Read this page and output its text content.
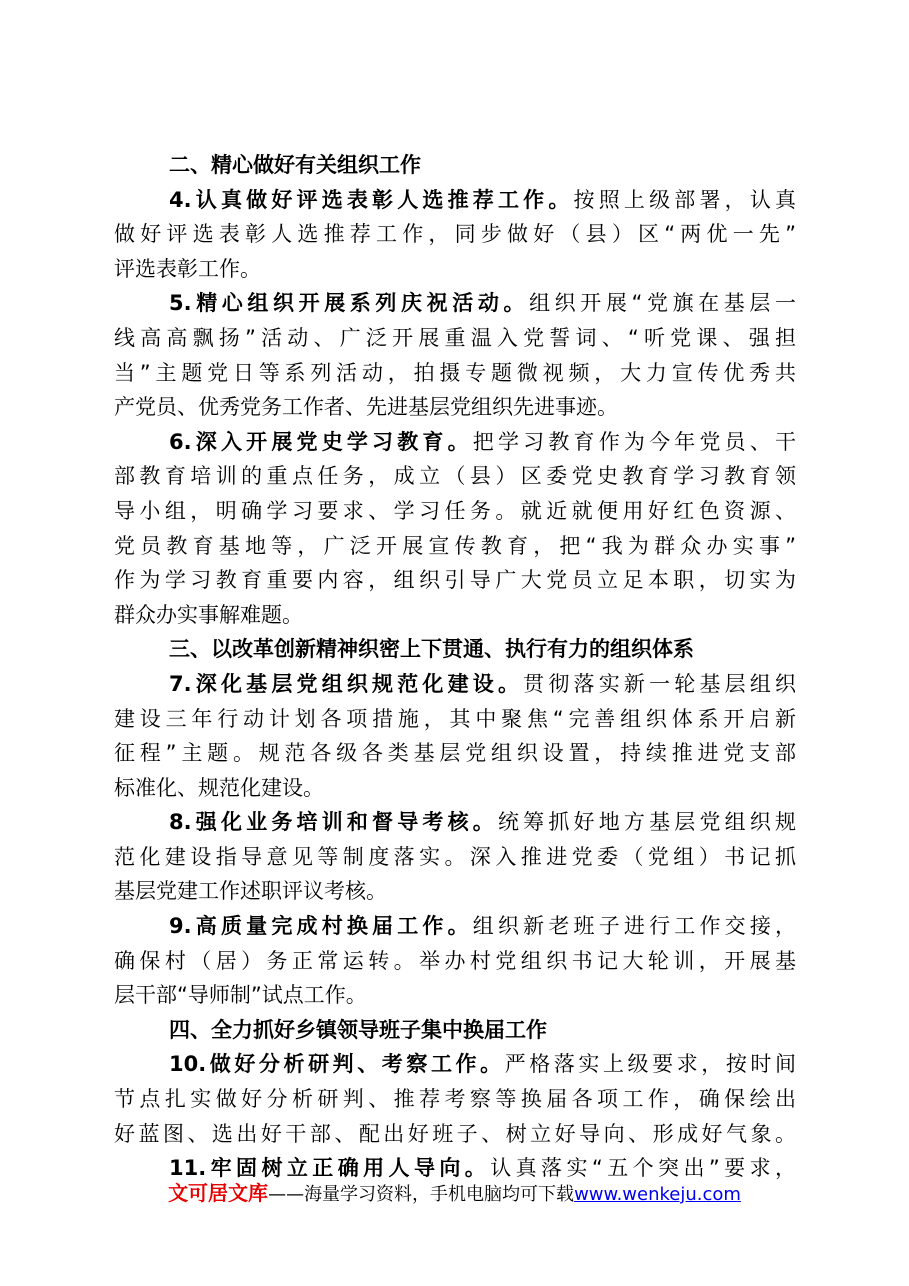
二、精心做好有关组织工作
4.认真做好评选表彰人选推荐工作。按照上级部署，认真
做好评选表彰人选推荐工作，同步做好（县）区“两优一先”
评选表彰工作。
5.精心组织开展系列庆祝活动。组织开展“党旗在基层一
线高高飘扬”活动、广泛开展重温入党誓词、“听党课、强担
当”主题党日等系列活动，拍摄专题微视频，大力宣传优秀共
产党员、优秀党务工作者、先进基层党组织先进事迹。
6.深入开展党史学习教育。把学习教育作为今年党员、干
部教育培训的重点任务，成立（县）区委党史教育学习教育领
导小组，明确学习要求、学习任务。就近就便用好红色资源、
党员教育基地等，广泛开展宣传教育，把“我为群众办实事”
作为学习教育重要内容，组织引导广大党员立足本职，切实为
群众办实事解难题。
三、以改革创新精神织密上下贯通、执行有力的组织体系
7.深化基层党组织规范化建设。贯彻落实新一轮基层组织
建设三年行动计划各项措施，其中聚焦“完善组织体系开启新
征程”主题。规范各级各类基层党组织设置，持续推进党支部
标准化、规范化建设。
8.强化业务培训和督导考核。统筹抓好地方基层党组织规
范化建设指导意见等制度落实。深入推进党委（党组）书记抓
基层党建工作述职评议考核。
9.高质量完成村换届工作。组织新老班子进行工作交接，
确保村（居）务正常运转。举办村党组织书记大轮训，开展基
层干部“导师制”试点工作。
四、全力抓好乡镇领导班子集中换届工作
10.做好分析研判、考察工作。严格落实上级要求，按时间
节点扎实做好分析研判、推荐考察等换届各项工作，确保绘出
好蓝图、选出好干部、配出好班子、树立好导向、形成好气象。
11.牢固树立正确用人导向。认真落实“五个突出”要求，
文可居文库——海量学习资料，手机电脑均可下载www.wenkeju.com
